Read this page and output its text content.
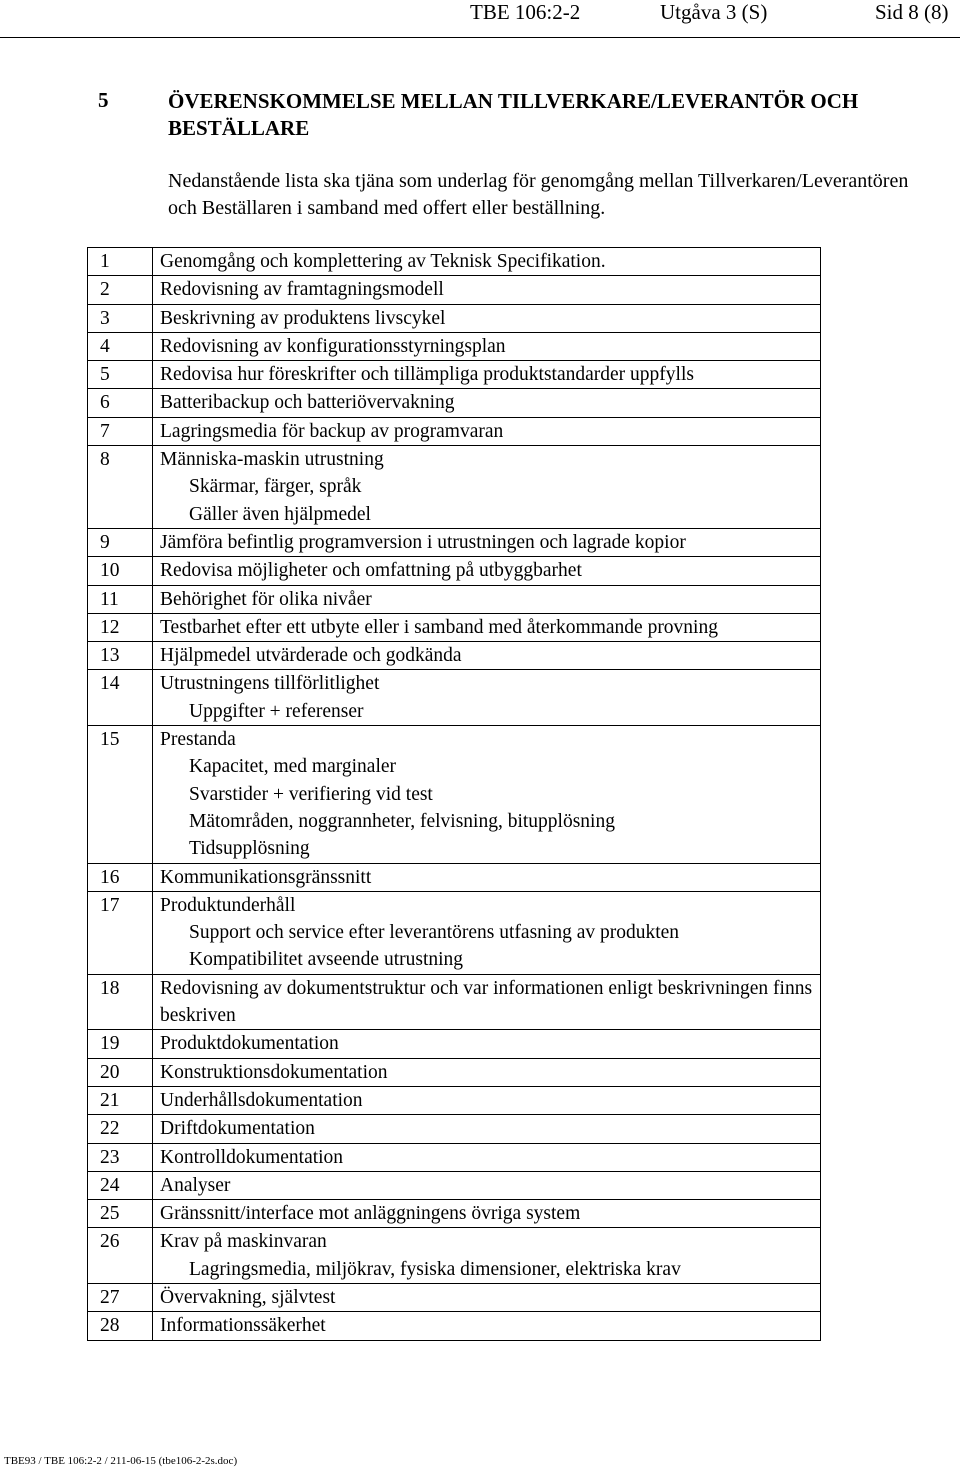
TBE 106:2-2	Utgåva 3 (S)	Sid 8 (8)
5	ÖVERENSKOMMELSE MELLAN TILLVERKARE/LEVERANTÖR OCH BESTÄLLARE
Nedanstående lista ska tjäna som underlag för genomgång mellan Tillverkaren/Leverantören och Beställaren i samband med offert eller beställning.
1	Genomgång och komplettering av Teknisk Specifikation.
2	Redovisning av framtagningsmodell
3	Beskrivning av produktens livscykel
4	Redovisning av konfigurationsstyrningsplan
5	Redovisa hur föreskrifter och tillämpliga produktstandarder uppfylls
6	Batteribackup och batteriövervakning
7	Lagringsmedia för backup av programvaran
8	Människa-maskin utrustning
Skärmar, färger, språk
Gäller även hjälpmedel

9	Jämföra befintlig programversion i utrustningen och lagrade kopior
10	Redovisa möjligheter och omfattning på utbyggbarhet
11	Behörighet för olika nivåer
12	Testbarhet efter ett utbyte eller i samband med återkommande provning
13	Hjälpmedel utvärderade och godkända
14	Utrustningens tillförlitlighet
Uppgifter + referenser

15	Prestanda
Kapacitet, med marginaler
Svarstider + verifiering vid test
Mätområden, noggrannheter, felvisning, bitupplösning
Tidsupplösning

16	Kommunikationsgränssnitt
17	Produktunderhåll
Support och service efter leverantörens utfasning av produkten
Kompatibilitet avseende utrustning

18	Redovisning av dokumentstruktur och var informationen enligt beskrivningen finns beskriven
19	Produktdokumentation
20	Konstruktionsdokumentation
21	Underhållsdokumentation
22	Driftdokumentation
23	Kontrolldokumentation
24	Analyser
25	Gränssnitt/interface mot anläggningens övriga system
26	Krav på maskinvaran
Lagringsmedia, miljökrav, fysiska dimensioner, elektriska krav

27	Övervakning, självtest
28	Informationssäkerhet
TBE93 / TBE 106:2-2 / 211-06-15 (tbe106-2-2s.doc)
